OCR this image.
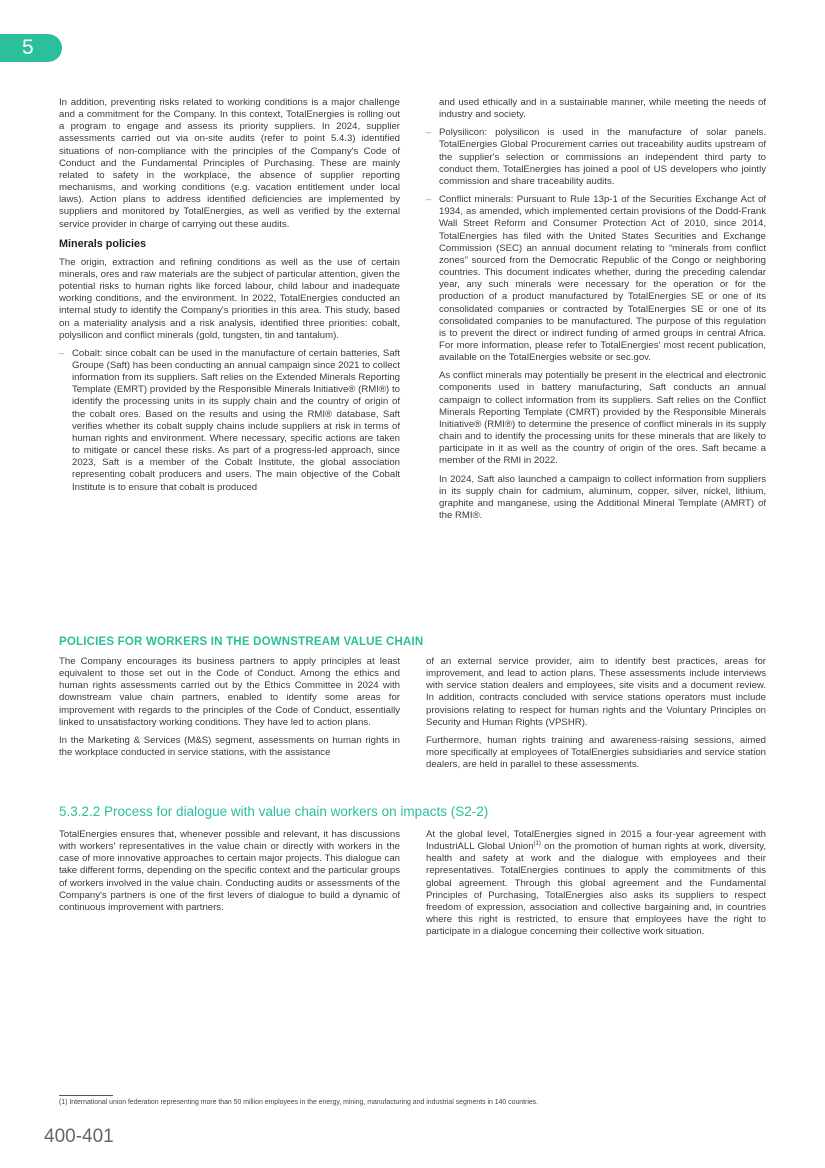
5

In addition, preventing risks related to working conditions is a major challenge and a commitment for the Company. In this context, TotalEnergies is rolling out a program to engage and assess its priority suppliers. In 2024, supplier assessments carried out via on-site audits (refer to point 5.4.3) identified situations of non-compliance with the principles of the Company's Code of Conduct and the Fundamental Principles of Purchasing. These are mainly related to safety in the workplace, the absence of supplier reporting mechanisms, and working conditions (e.g. vacation entitlement under local laws). Action plans to address identified deficiencies are implemented by suppliers and monitored by TotalEnergies, as well as verified by the external service provider in charge of carrying out these audits.

Minerals policies

The origin, extraction and refining conditions as well as the use of certain minerals, ores and raw materials are the subject of particular attention, given the potential risks to human rights like forced labour, child labour and inadequate working conditions, and the environment. In 2022, TotalEnergies conducted an internal study to identify the Company's priorities in this area. This study, based on a materiality analysis and a risk analysis, identified three priorities: cobalt, polysilicon and conflict minerals (gold, tungsten, tin and tantalum).

– Cobalt: since cobalt can be used in the manufacture of certain batteries, Saft Groupe (Saft) has been conducting an annual campaign since 2021 to collect information from its suppliers. Saft relies on the Extended Minerals Reporting Template (EMRT) provided by the Responsible Minerals Initiative® (RMI®) to identify the processing units in its supply chain and the country of origin of the cobalt ores. Based on the results and using the RMI® database, Saft verifies whether its cobalt supply chains include suppliers at risk in terms of human rights and environment. Where necessary, specific actions are taken to mitigate or cancel these risks. As part of a progress-led approach, since 2023, Saft is a member of the Cobalt Institute, the global association representing cobalt producers and users. The main objective of the Cobalt Institute is to ensure that cobalt is produced

and used ethically and in a sustainable manner, while meeting the needs of industry and society.

– Polysilicon: polysilicon is used in the manufacture of solar panels. TotalEnergies Global Procurement carries out traceability audits upstream of the supplier's selection or commissions an independent third party to conduct them. TotalEnergies has joined a pool of US developers who jointly commission and share traceability audits.
– Conflict minerals: Pursuant to Rule 13p-1 of the Securities Exchange Act of 1934, as amended, which implemented certain provisions of the Dodd-Frank Wall Street Reform and Consumer Protection Act of 2010, since 2014, TotalEnergies has filed with the United States Securities and Exchange Commission (SEC) an annual document relating to “minerals from conflict zones” sourced from the Democratic Republic of the Congo or neighboring countries. This document indicates whether, during the preceding calendar year, any such minerals were necessary for the operation or for the production of a product manufactured by TotalEnergies SE or one of its consolidated companies or contracted by TotalEnergies SE or one of its consolidated companies to be manufactured. The purpose of this regulation is to prevent the direct or indirect funding of armed groups in central Africa. For more information, please refer to TotalEnergies' most recent publication, available on the TotalEnergies website or sec.gov.

As conflict minerals may potentially be present in the electrical and electronic components used in battery manufacturing, Saft conducts an annual campaign to collect information from its suppliers. Saft relies on the Conflict Minerals Reporting Template (CMRT) provided by the Responsible Minerals Initiative® (RMI®) to determine the presence of conflict minerals in its supply chain and to identify the processing units for these minerals that are likely to participate in it as well as the country of origin of the ores. Saft became a member of the RMI in 2022.

In 2024, Saft also launched a campaign to collect information from suppliers in its supply chain for cadmium, aluminum, copper, silver, nickel, lithium, graphite and manganese, using the Additional Mineral Template (AMRT) of the RMI®.

POLICIES FOR WORKERS IN THE DOWNSTREAM VALUE CHAIN

The Company encourages its business partners to apply principles at least equivalent to those set out in the Code of Conduct. Among the ethics and human rights assessments carried out by the Ethics Committee in 2024 with downstream value chain partners, enabled to identify some areas for improvement with regards to the principles of the Code of Conduct, essentially linked to unsatisfactory working conditions. They have led to action plans.

In the Marketing & Services (M&S) segment, assessments on human rights in the workplace conducted in service stations, with the assistance

of an external service provider, aim to identify best practices, areas for improvement, and lead to action plans. These assessments include interviews with service station dealers and employees, site visits and a document review. In addition, contracts concluded with service stations operators must include provisions relating to respect for human rights and the Voluntary Principles on Security and Human Rights (VPSHR).

Furthermore, human rights training and awareness-raising sessions, aimed more specifically at employees of TotalEnergies subsidiaries and service station dealers, are held in parallel to these assessments.

5.3.2.2 Process for dialogue with value chain workers on impacts (S2-2)

TotalEnergies ensures that, whenever possible and relevant, it has discussions with workers' representatives in the value chain or directly with workers in the case of more innovative approaches to certain major projects. This dialogue can take different forms, depending on the specific context and the particular groups of workers involved in the value chain. Conducting audits or assessments of the Company's partners is one of the first levers of dialogue to build a dynamic of continuous improvement with partners.

At the global level, TotalEnergies signed in 2015 a four-year agreement with IndustriALL Global Union$^{(1)}$ on the promotion of human rights at work, diversity, health and safety at work and the dialogue with employees and their representatives. TotalEnergies continues to apply the commitments of this global agreement. Through this global agreement and the Fundamental Principles of Purchasing, TotalEnergies also asks its suppliers to respect freedom of expression, association and collective bargaining and, in countries where this right is restricted, to ensure that employees have the right to participate in a dialogue concerning their collective work situation.

(1) International union federation representing more than 50 million employees in the energy, mining, manufacturing and industrial segments in 140 countries.
400-401
